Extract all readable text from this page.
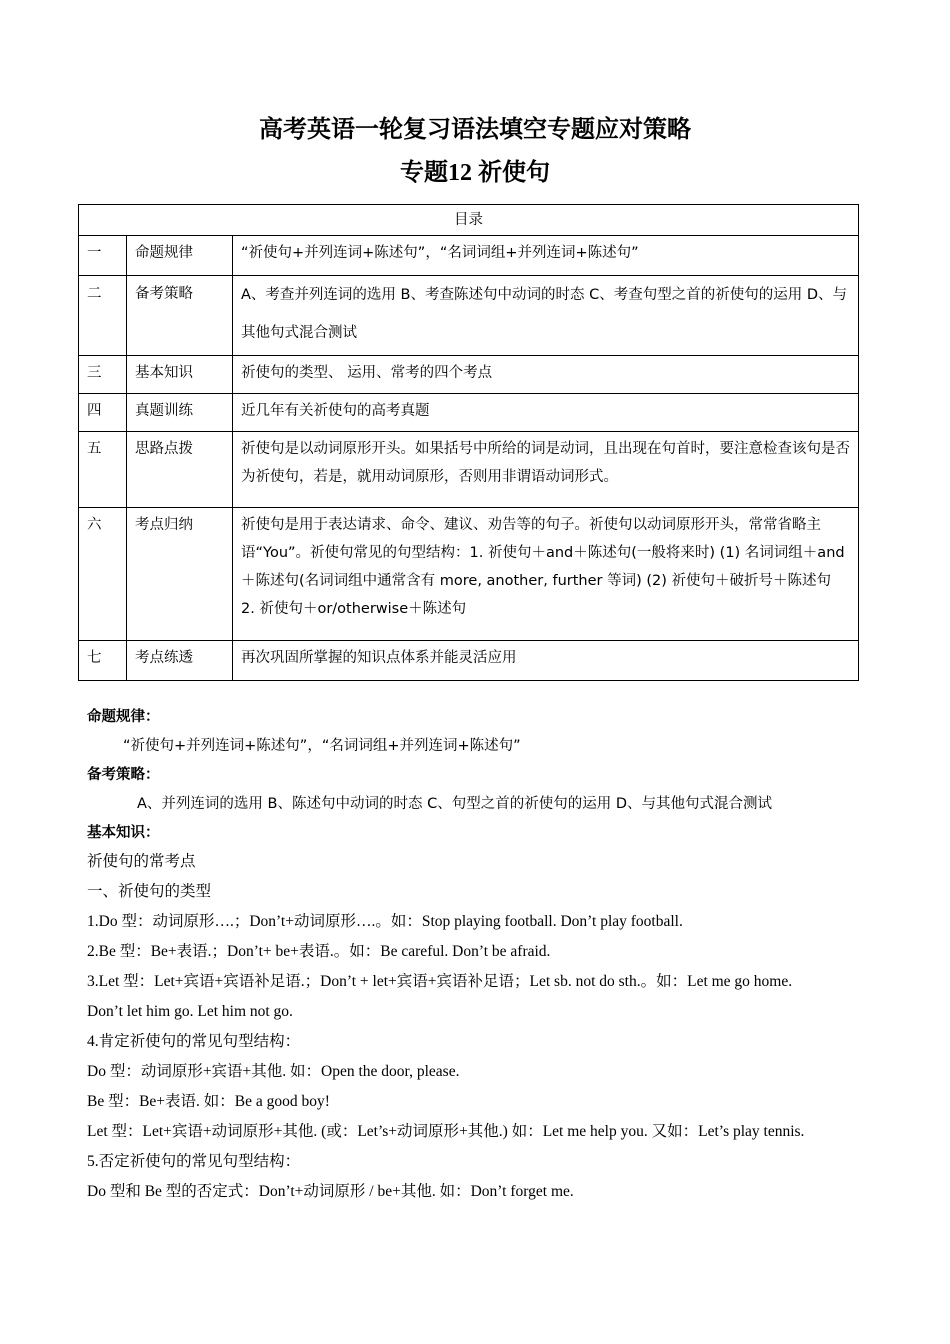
高考英语一轮复习语法填空专题应对策略
专题12 祈使句
目录		
一	命题规律	“祈使句+并列连词+陈述句”，“名词词组+并列连词+陈述句”
二	备考策略	A、考查并列连词的选用 B、考查陈述句中动词的时态 C、考查句型之首的祈使句的运用 D、与其他句式混合测试
三	基本知识	祈使句的类型、 运用、常考的四个考点
四	真题训练	近几年有关祈使句的高考真题
五	思路点拨	祈使句是以动词原形开头。如果括号中所给的词是动词，且出现在句首时，要注意检查该句是否为祈使句，若是，就用动词原形，否则用非谓语动词形式。
六	考点归纳	祈使句是用于表达请求、命令、建议、劝告等的句子。祈使句以动词原形开头，常常省略主语“You”。祈使句常见的句型结构：1. 祈使句＋and＋陈述句(一般将来时) (1) 名词词组＋and＋陈述句(名词词组中通常含有 more, another, further 等词) (2) 祈使句＋破折号＋陈述句　　2. 祈使句＋or/otherwise＋陈述句
七	考点练透	再次巩固所掌握的知识点体系并能灵活应用
命题规律：
“祈使句+并列连词+陈述句”，“名词词组+并列连词+陈述句”
备考策略：
A、并列连词的选用 B、陈述句中动词的时态 C、句型之首的祈使句的运用 D、与其他句式混合测试
基本知识：
祈使句的常考点
一、祈使句的类型
1.Do 型：动词原形….；Don’t+动词原形….。如：Stop playing football. Don’t play football.
2.Be 型：Be+表语.；Don’t+ be+表语.。如：Be careful. Don’t be afraid.
3.Let 型：Let+宾语+宾语补足语.；Don’t + let+宾语+宾语补足语；Let sb. not do sth.。如：Let me go home.
Don’t let him go. Let him not go.
4.肯定祈使句的常见句型结构：
Do 型：动词原形+宾语+其他. 如：Open the door, please.
Be 型：Be+表语. 如：Be a good boy!
Let 型：Let+宾语+动词原形+其他. (或：Let’s+动词原形+其他.) 如：Let me help you. 又如：Let’s play tennis.
5.否定祈使句的常见句型结构：
Do 型和 Be 型的否定式：Don’t+动词原形 / be+其他. 如：Don’t forget me.
